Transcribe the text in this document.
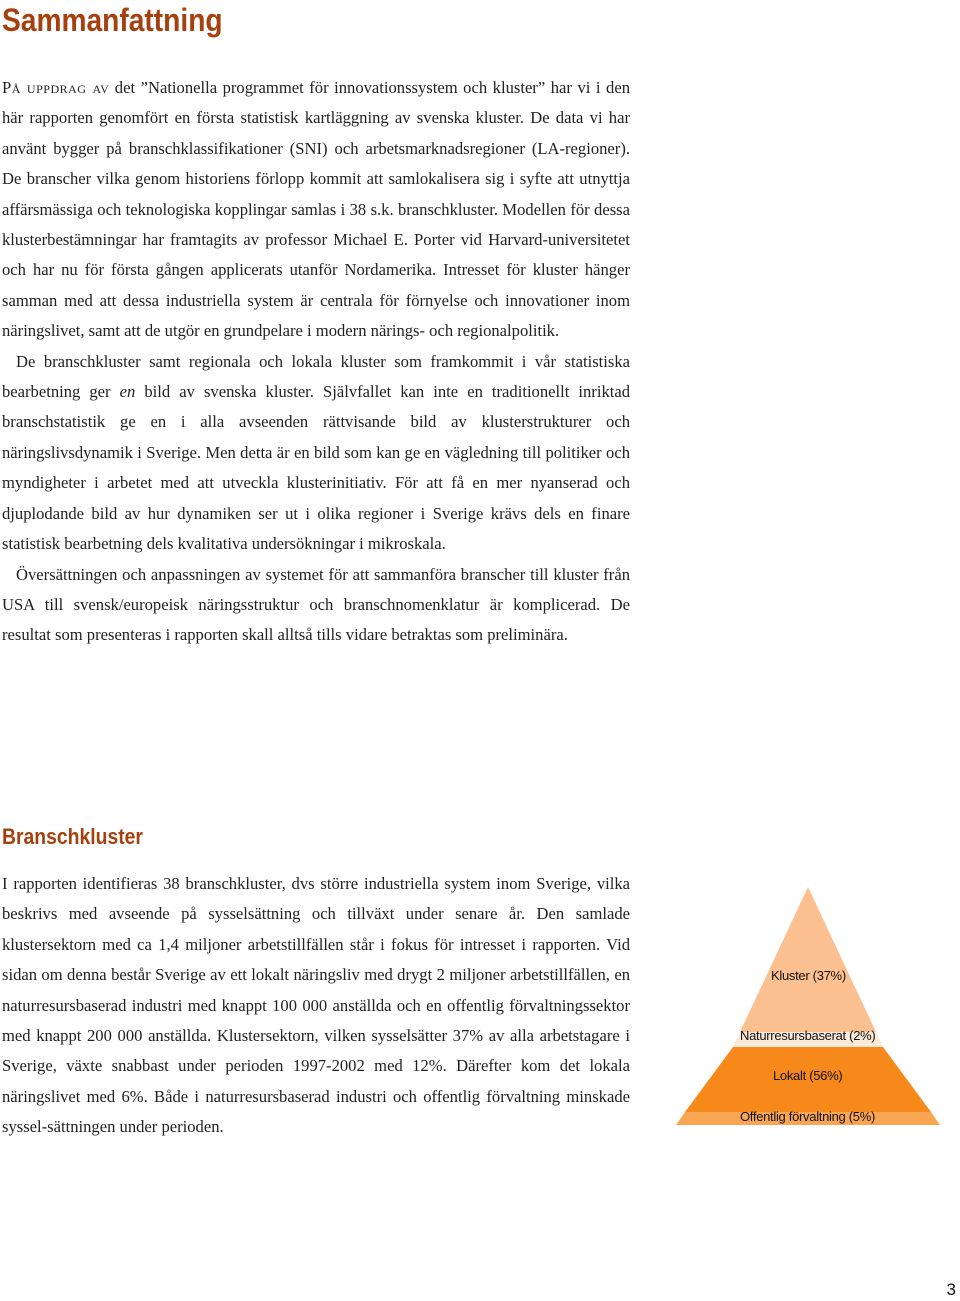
Sammanfattning

På uppdrag av det ”Nationella programmet för innovationssystem och kluster” har vi i den här rapporten genomfört en första statistisk kartläggning av svenska kluster. De data vi har använt bygger på branschklassifikationer (SNI) och arbetsmarknadsregioner (LA-regioner). De branscher vilka genom historiens förlopp kommit att samlokalisera sig i syfte att utnyttja affärsmässiga och teknologiska kopplingar samlas i 38 s.k. branschkluster. Modellen för dessa klusterbestämningar har framtagits av professor Michael E. Porter vid Harvard-universitetet och har nu för första gången applicerats utanför Nordamerika. Intresset för kluster hänger samman med att dessa industriella system är centrala för förnyelse och innovationer inom näringslivet, samt att de utgör en grundpelare i modern närings- och regionalpolitik.

De branschkluster samt regionala och lokala kluster som framkommit i vår statistiska bearbetning ger en bild av svenska kluster. Självfallet kan inte en traditionellt inriktad branschstatistik ge en i alla avseenden rättvisande bild av klusterstrukturer och näringslivsdynamik i Sverige. Men detta är en bild som kan ge en vägledning till politiker och myndigheter i arbetet med att utveckla klusterinitiativ. För att få en mer nyanserad och djuplodande bild av hur dynamiken ser ut i olika regioner i Sverige krävs dels en finare statistisk bearbetning dels kvalitativa undersökningar i mikroskala.

Översättningen och anpassningen av systemet för att sammanföra branscher till kluster från USA till svensk/europeisk näringsstruktur och branschnomenklatur är komplicerad. De resultat som presenteras i rapporten skall alltså tills vidare betraktas som preliminära.

Branschkluster

I rapporten identifieras 38 branschkluster, dvs större industriella system inom Sverige, vilka beskrivs med avseende på sysselsättning och tillväxt under senare år. Den samlade klustersektorn med ca 1,4 miljoner arbetstillfällen står i fokus för intresset i rapporten. Vid sidan om denna består Sverige av ett lokalt näringsliv med drygt 2 miljoner arbetstillfällen, en naturresursbaserad industri med knappt 100 000 anställda och en offentlig förvaltningssektor med knappt 200 000 anställda. Klustersektorn, vilken sysselsätter 37% av alla arbetstagare i Sverige, växte snabbast under perioden 1997-2002 med 12%. Därefter kom det lokala näringslivet med 6%. Både i naturresursbaserad industri och offentlig förvaltning minskade syssel-sättningen under perioden.

Kluster (37%)
Naturresursbaserat (2%)
Lokalt (56%)
Offentlig förvaltning (5%)
3
